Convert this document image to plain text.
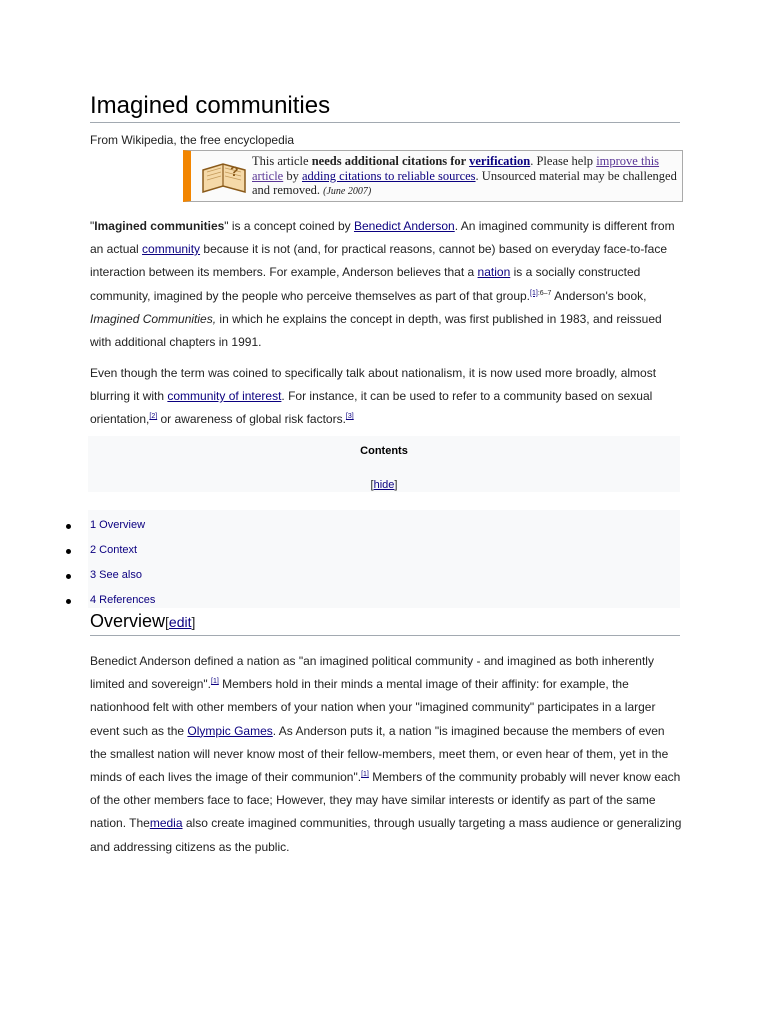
Imagined communities
From Wikipedia, the free encyclopedia
?
This article needs additional citations for verification. Please help improve this article by adding citations to reliable sources. Unsourced material may be challenged and removed. (June 2007)

"Imagined communities" is a concept coined by Benedict Anderson. An imagined community is different from an actual community because it is not (and, for practical reasons, cannot be) based on everyday face-to-face interaction between its members. For example, Anderson believes that a nation is a socially constructed community, imagined by the people who perceive themselves as part of that group.$^{[1]:6-7}$ Anderson's book, Imagined Communities, in which he explains the concept in depth, was first published in 1983, and reissued with additional chapters in 1991.

Even though the term was coined to specifically talk about nationalism, it is now used more broadly, almost blurring it with community of interest. For instance, it can be used to refer to a community based on sexual orientation,[2] or awareness of global risk factors.[3]

Contents
[hide]
1 Overview
2 Context
3 See also
4 References
Overview[edit]

Benedict Anderson defined a nation as "an imagined political community - and imagined as both inherently limited and sovereign".[1] Members hold in their minds a mental image of their affinity: for example, the nationhood felt with other members of your nation when your "imagined community" participates in a larger event such as the Olympic Games. As Anderson puts it, a nation "is imagined because the members of even the smallest nation will never know most of their fellow-members, meet them, or even hear of them, yet in the minds of each lives the image of their communion".[1] Members of the community probably will never know each of the other members face to face; However, they may have similar interests or identify as part of the same nation. Themedia also create imagined communities, through usually targeting a mass audience or generalizing and addressing citizens as the public.
